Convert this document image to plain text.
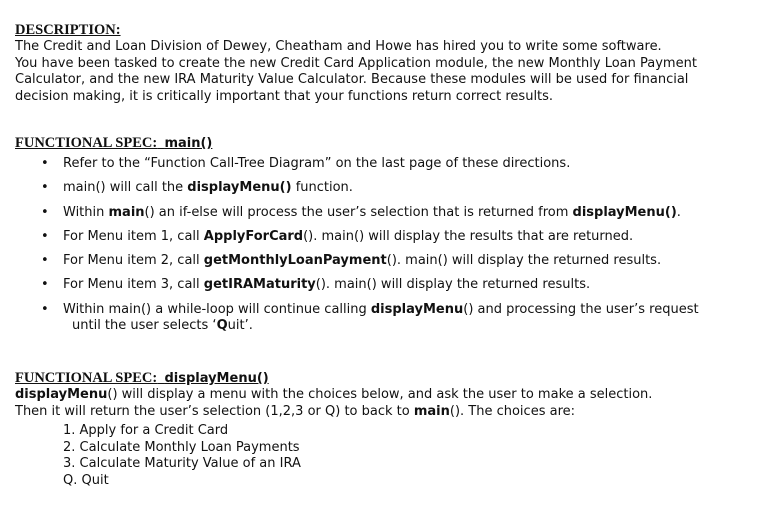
DESCRIPTION:

The Credit and Loan Division of Dewey, Cheatham and Howe has hired you to write some software.

You have been tasked to create the new Credit Card Application module, the new Monthly Loan Payment

Calculator, and the new IRA Maturity Value Calculator. Because these modules will be used for financial

decision making, it is critically important that your functions return correct results.

FUNCTIONAL SPEC: main()
• Refer to the “Function Call-Tree Diagram” on the last page of these directions.
• main() will call the displayMenu() function.
• Within main() an if-else will process the user’s selection that is returned from displayMenu().
• For Menu item 1, call ApplyForCard(). main() will display the results that are returned.
• For Menu item 2, call getMonthlyLoanPayment(). main() will display the returned results.
• For Menu item 3, call getIRAMaturity(). main() will display the returned results.
• Within main() a while-loop will continue calling displayMenu() and processing the user’s request
until the user selects ‘Quit’.
FUNCTIONAL SPEC: displayMenu()

displayMenu() will display a menu with the choices below, and ask the user to make a selection.

Then it will return the user’s selection (1,2,3 or Q) to back to main(). The choices are:

1. Apply for a Credit Card
2. Calculate Monthly Loan Payments
3. Calculate Maturity Value of an IRA
Q. Quit
